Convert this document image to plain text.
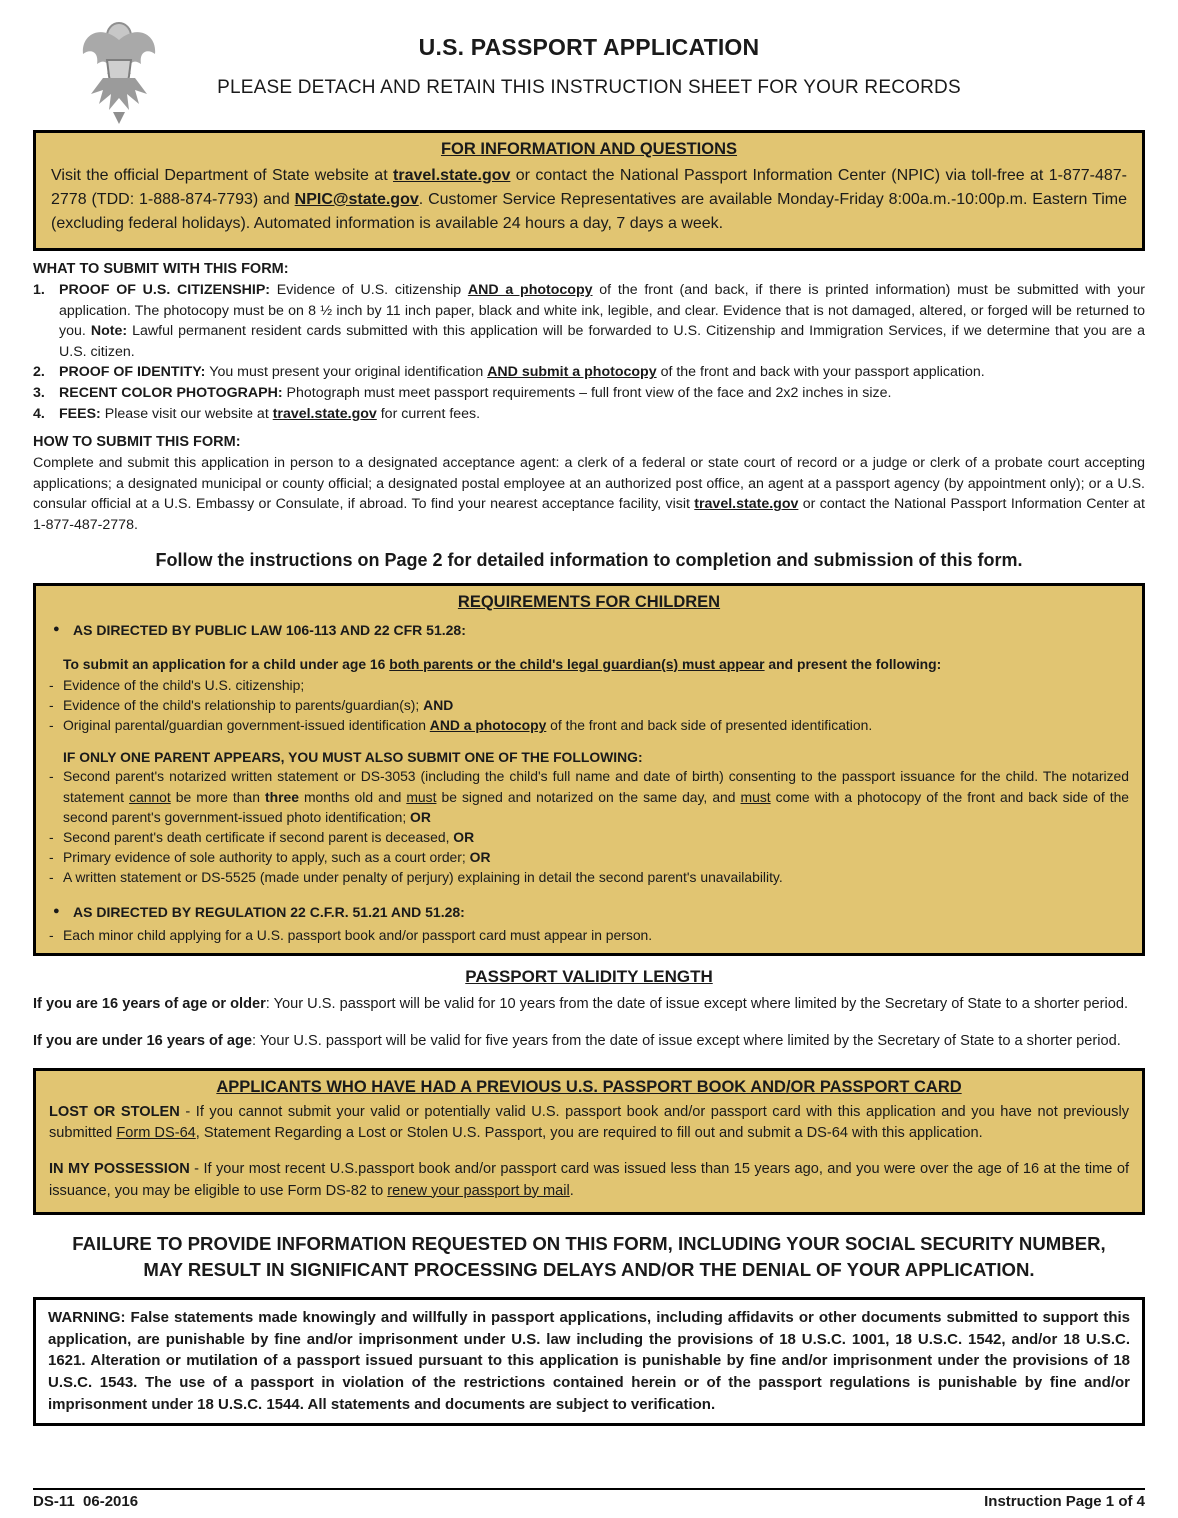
U.S. PASSPORT APPLICATION
PLEASE DETACH AND RETAIN THIS INSTRUCTION SHEET FOR YOUR RECORDS
FOR INFORMATION AND QUESTIONS

Visit the official Department of State website at travel.state.gov or contact the National Passport Information Center (NPIC) via toll-free at 1-877-487-2778 (TDD: 1-888-874-7793) and NPIC@state.gov. Customer Service Representatives are available Monday-Friday 8:00a.m.-10:00p.m. Eastern Time (excluding federal holidays). Automated information is available 24 hours a day, 7 days a week.

WHAT TO SUBMIT WITH THIS FORM:
1. PROOF OF U.S. CITIZENSHIP: Evidence of U.S. citizenship AND a photocopy of the front (and back, if there is printed information) must be submitted with your application. The photocopy must be on 8 ½ inch by 11 inch paper, black and white ink, legible, and clear. Evidence that is not damaged, altered, or forged will be returned to you. Note: Lawful permanent resident cards submitted with this application will be forwarded to U.S. Citizenship and Immigration Services, if we determine that you are a U.S. citizen.
2. PROOF OF IDENTITY: You must present your original identification AND submit a photocopy of the front and back with your passport application.
3. RECENT COLOR PHOTOGRAPH: Photograph must meet passport requirements – full front view of the face and 2x2 inches in size.
4. FEES: Please visit our website at travel.state.gov for current fees.
HOW TO SUBMIT THIS FORM:

Complete and submit this application in person to a designated acceptance agent: a clerk of a federal or state court of record or a judge or clerk of a probate court accepting applications; a designated municipal or county official; a designated postal employee at an authorized post office, an agent at a passport agency (by appointment only); or a U.S. consular official at a U.S. Embassy or Consulate, if abroad. To find your nearest acceptance facility, visit travel.state.gov or contact the National Passport Information Center at 1-877-487-2778.

Follow the instructions on Page 2 for detailed information to completion and submission of this form.

REQUIREMENTS FOR CHILDREN
● AS DIRECTED BY PUBLIC LAW 106-113 AND 22 CFR 51.28:

To submit an application for a child under age 16 both parents or the child's legal guardian(s) must appear and present the following:

- Evidence of the child's U.S. citizenship;
- Evidence of the child's relationship to parents/guardian(s); AND
- Original parental/guardian government-issued identification AND a photocopy of the front and back side of presented identification.

IF ONLY ONE PARENT APPEARS, YOU MUST ALSO SUBMIT ONE OF THE FOLLOWING:

- Second parent's notarized written statement or DS-3053 (including the child's full name and date of birth) consenting to the passport issuance for the child. The notarized statement cannot be more than three months old and must be signed and notarized on the same day, and must come with a photocopy of the front and back side of the second parent's government-issued photo identification; OR
- Second parent's death certificate if second parent is deceased, OR
- Primary evidence of sole authority to apply, such as a court order; OR
- A written statement or DS-5525 (made under penalty of perjury) explaining in detail the second parent's unavailability.
● AS DIRECTED BY REGULATION 22 C.F.R. 51.21 AND 51.28:
- Each minor child applying for a U.S. passport book and/or passport card must appear in person.
PASSPORT VALIDITY LENGTH

If you are 16 years of age or older: Your U.S. passport will be valid for 10 years from the date of issue except where limited by the Secretary of State to a shorter period.

If you are under 16 years of age: Your U.S. passport will be valid for five years from the date of issue except where limited by the Secretary of State to a shorter period.

APPLICANTS WHO HAVE HAD A PREVIOUS U.S. PASSPORT BOOK AND/OR PASSPORT CARD

LOST OR STOLEN - If you cannot submit your valid or potentially valid U.S. passport book and/or passport card with this application and you have not previously submitted Form DS-64, Statement Regarding a Lost or Stolen U.S. Passport, you are required to fill out and submit a DS-64 with this application.

IN MY POSSESSION - If your most recent U.S.passport book and/or passport card was issued less than 15 years ago, and you were over the age of 16 at the time of issuance, you may be eligible to use Form DS-82 to renew your passport by mail.

FAILURE TO PROVIDE INFORMATION REQUESTED ON THIS FORM, INCLUDING YOUR SOCIAL SECURITY NUMBER, MAY RESULT IN SIGNIFICANT PROCESSING DELAYS AND/OR THE DENIAL OF YOUR APPLICATION.

WARNING: False statements made knowingly and willfully in passport applications, including affidavits or other documents submitted to support this application, are punishable by fine and/or imprisonment under U.S. law including the provisions of 18 U.S.C. 1001, 18 U.S.C. 1542, and/or 18 U.S.C. 1621. Alteration or mutilation of a passport issued pursuant to this application is punishable by fine and/or imprisonment under the provisions of 18 U.S.C. 1543. The use of a passport in violation of the restrictions contained herein or of the passport regulations is punishable by fine and/or imprisonment under 18 U.S.C. 1544. All statements and documents are subject to verification.
DS-11  06-2016	Instruction Page 1 of 4
